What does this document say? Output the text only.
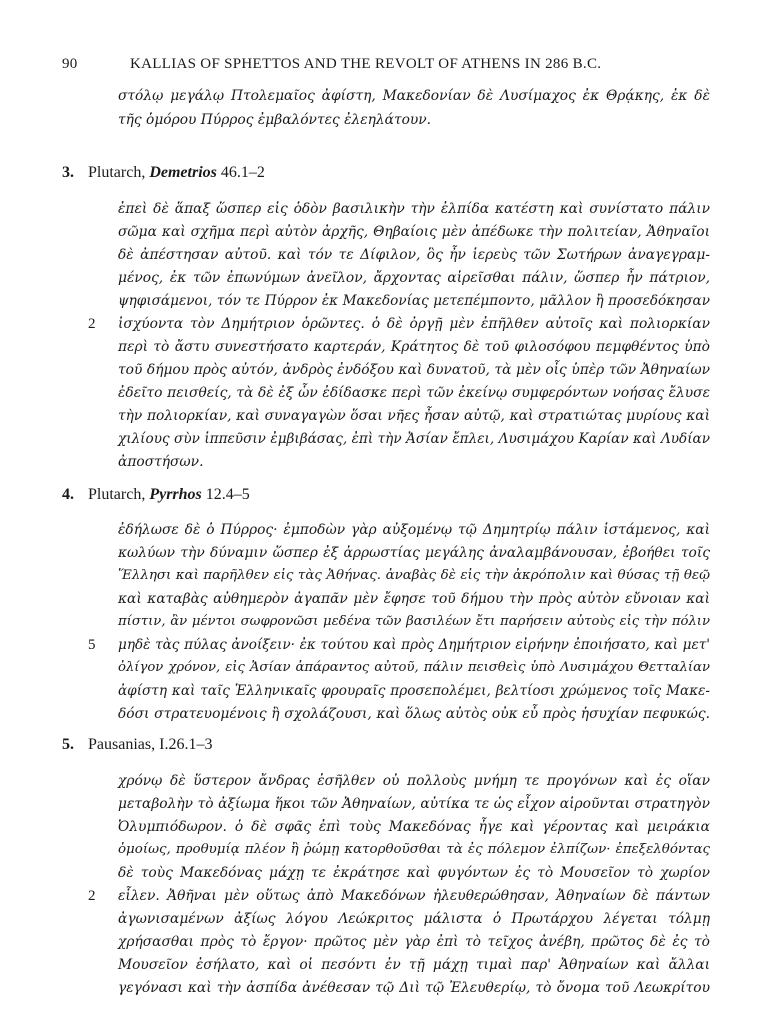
90	KALLIAS OF SPHETTOS AND THE REVOLT OF ATHENS IN 286 B.C.
στόλῳ μεγάλῳ Πτολεμαῖος ἀφίστη, Μακεδονίαν δὲ Λυσίμαχος ἐκ Θρᾴκης, ἐκ δὲ
τῆς ὁμόρου Πύρρος ἐμβαλόντες ἐλεηλάτουν.
3. Plutarch, Demetrios 46.1–2
ἐπεὶ δὲ ἅπαξ ὥσπερ εἰς ὁδὸν βασιλικὴν τὴν ἐλπίδα κατέστη καὶ συνίστατο πάλιν
σῶμα καὶ σχῆμα περὶ αὐτὸν ἀρχῆς, Θηβαίοις μὲν ἀπέδωκε τὴν πολιτείαν, Ἀθηναῖοι
δὲ ἀπέστησαν αὐτοῦ. καὶ τόν τε Δίφιλον, ὃς ἦν ἱερεὺς τῶν Σωτήρων ἀναγεγραμ-
μένος, ἐκ τῶν ἐπωνύμων ἀνεῖλον, ἄρχοντας αἱρεῖσθαι πάλιν, ὥσπερ ἦν πάτριον,
ψηφισάμενοι, τόν τε Πύρρον ἐκ Μακεδονίας μετεπέμποντο, μᾶλλον ἢ προσεδόκησαν
2 ἰσχύοντα τὸν Δημήτριον ὁρῶντες. ὁ δὲ ὀργῇ μὲν ἐπῆλθεν αὐτοῖς καὶ πολιορκίαν
περὶ τὸ ἄστυ συνεστήσατο καρτεράν, Κράτητος δὲ τοῦ φιλοσόφου πεμφθέντος ὑπὸ
τοῦ δήμου πρὸς αὐτόν, ἀνδρὸς ἐνδόξου καὶ δυνατοῦ, τὰ μὲν οἷς ὑπὲρ τῶν Ἀθηναίων
ἐδεῖτο πεισθείς, τὰ δὲ ἐξ ὧν ἐδίδασκε περὶ τῶν ἐκείνῳ συμφερόντων νοήσας ἔλυσε
τὴν πολιορκίαν, καὶ συναγαγὼν ὅσαι νῆες ἦσαν αὐτῷ, καὶ στρατιώτας μυρίους καὶ
χιλίους σὺν ἱππεῦσιν ἐμβιβάσας, ἐπὶ τὴν Ἀσίαν ἔπλει, Λυσιμάχου Καρίαν καὶ Λυδίαν
ἀποστήσων.
4. Plutarch, Pyrrhos 12.4–5
ἐδήλωσε δὲ ὁ Πύρρος· ἐμποδὼν γὰρ αὐξομένῳ τῷ Δημητρίῳ πάλιν ἱστάμενος, καὶ
κωλύων τὴν δύναμιν ὥσπερ ἐξ ἀρρωστίας μεγάλης ἀναλαμβάνουσαν, ἐβοήθει τοῖς
Ἕλλησι καὶ παρῆλθεν εἰς τὰς Ἀθήνας. ἀναβὰς δὲ εἰς τὴν ἀκρόπολιν καὶ θύσας τῇ θεῷ
καὶ καταβὰς αὐθημερὸν ἀγαπᾶν μὲν ἔφησε τοῦ δήμου τὴν πρὸς αὐτὸν εὔνοιαν καὶ
πίστιν, ἂν μέντοι σωφρονῶσι μεδένα τῶν βασιλέων ἔτι παρήσειν αὐτοὺς εἰς τὴν πόλιν
5 μηδὲ τὰς πύλας ἀνοίξειν· ἐκ τούτου καὶ πρὸς Δημήτριον εἰρήνην ἐποιήσατο, καὶ μετ'
ὀλίγον χρόνον, εἰς Ἀσίαν ἀπάραντος αὐτοῦ, πάλιν πεισθεὶς ὑπὸ Λυσιμάχου Θετταλίαν
ἀφίστη καὶ ταῖς Ἑλληνικαῖς φρουραῖς προσεπολέμει, βελτίοσι χρώμενος τοῖς Μακε-
δόσι στρατευομένοις ἢ σχολάζουσι, καὶ ὅλως αὐτὸς οὐκ εὖ πρὸς ἡσυχίαν πεφυκώς.
5. Pausanias, I.26.1–3
χρόνῳ δὲ ὕστερον ἄνδρας ἐσῆλθεν οὐ πολλοὺς μνήμη τε προγόνων καὶ ἐς οἵαν
μεταβολὴν τὸ ἀξίωμα ἥκοι τῶν Ἀθηναίων, αὐτίκα τε ὡς εἶχον αἱροῦνται στρατηγὸν
Ὀλυμπιόδωρον. ὁ δὲ σφᾶς ἐπὶ τοὺς Μακεδόνας ἦγε καὶ γέροντας καὶ μειράκια
ὁμοίως, προθυμίᾳ πλέον ἢ ῥώμῃ κατορθοῦσθαι τὰ ἐς πόλεμον ἐλπίζων· ἐπεξελθόντας
δὲ τοὺς Μακεδόνας μάχῃ τε ἐκράτησε καὶ φυγόντων ἐς τὸ Μουσεῖον τὸ χωρίον
2 εἷλεν. Ἀθῆναι μὲν οὕτως ἀπὸ Μακεδόνων ἠλευθερώθησαν, Ἀθηναίων δὲ πάντων
ἀγωνισαμένων ἀξίως λόγου Λεώκριτος μάλιστα ὁ Πρωτάρχου λέγεται τόλμῃ
χρήσασθαι πρὸς τὸ ἔργον· πρῶτος μὲν γὰρ ἐπὶ τὸ τεῖχος ἀνέβη, πρῶτος δὲ ἐς τὸ
Μουσεῖον ἐσήλατο, καὶ οἱ πεσόντι ἐν τῇ μάχῃ τιμαὶ παρ' Ἀθηναίων καὶ ἄλλαι
γεγόνασι καὶ τὴν ἀσπίδα ἀνέθεσαν τῷ Διὶ τῷ Ἐλευθερίῳ, τὸ ὄνομα τοῦ Λεωκρίτου
